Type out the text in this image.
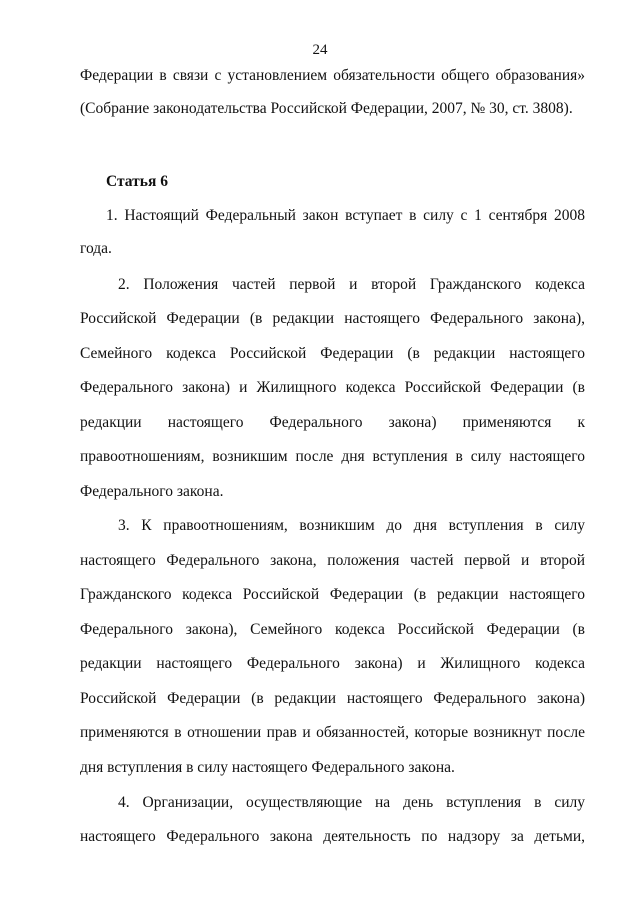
24
Федерации в связи с установлением обязательности общего образования»
(Собрание законодательства Российской Федерации, 2007, № 30, ст. 3808).
Статья 6
1. Настоящий Федеральный закон вступает в силу с 1 сентября 2008
года.
2. Положения частей первой и второй Гражданского кодекса
Российской Федерации (в редакции настоящего Федерального закона),
Семейного кодекса Российской Федерации (в редакции настоящего
Федерального закона) и Жилищного кодекса Российской Федерации (в
редакции настоящего Федерального закона) применяются к
правоотношениям, возникшим после дня вступления в силу настоящего
Федерального закона.
3. К правоотношениям, возникшим до дня вступления в силу
настоящего Федерального закона, положения частей первой и второй
Гражданского кодекса Российской Федерации (в редакции настоящего
Федерального закона), Семейного кодекса Российской Федерации (в
редакции настоящего Федерального закона) и Жилищного кодекса
Российской Федерации (в редакции настоящего Федерального закона)
применяются в отношении прав и обязанностей, которые возникнут после
дня вступления в силу настоящего Федерального закона.
4. Организации, осуществляющие на день вступления в силу
настоящего Федерального закона деятельность по надзору за детьми,
